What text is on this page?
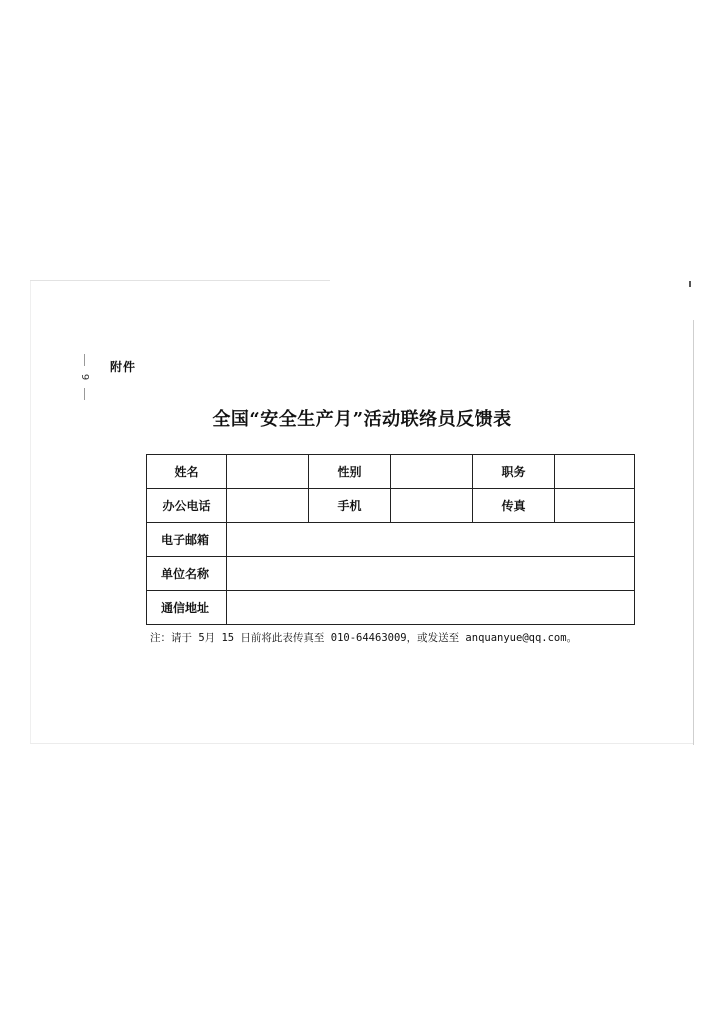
9
附件
全国“安全生产月”活动联络员反馈表
姓名		性别		职务	
办公电话		手机		传真	
电子邮箱					
单位名称					
通信地址					
注：请于 5月 15 日前将此表传真至 010-64463009，或发送至 anquanyue@qq.com。
